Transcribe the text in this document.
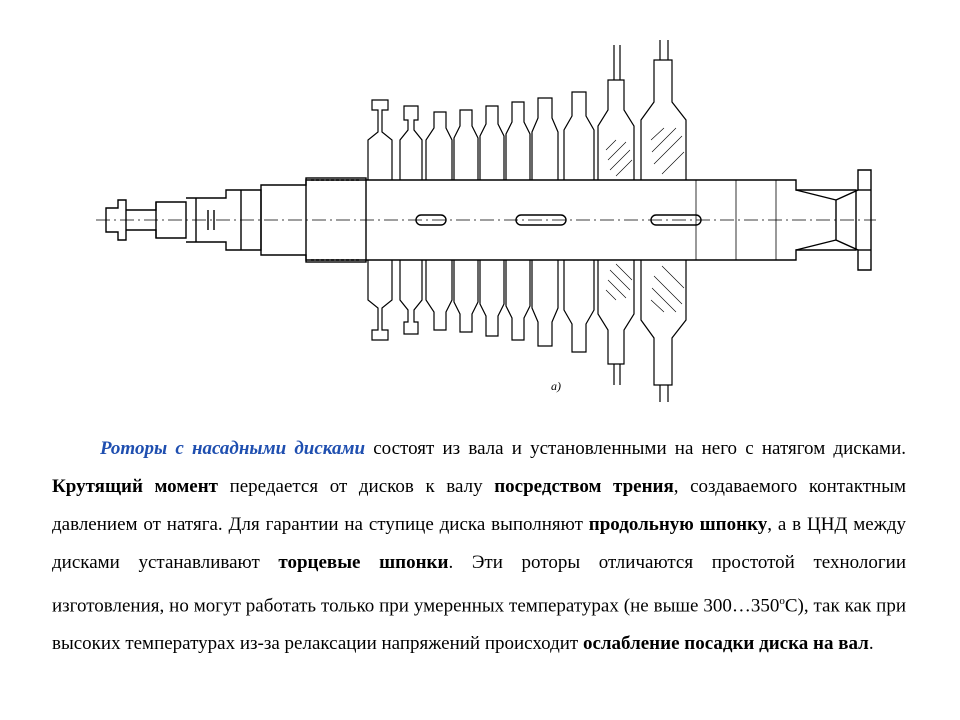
а)
Роторы с насадными дисками состоят из вала и установленными на него с натягом дисками. Крутящий момент передается от дисков к валу посредством трения, создаваемого контактным давлением от натяга. Для гарантии на ступице диска выполняют продольную шпонку, а в ЦНД между дисками устанавливают торцевые шпонки. Эти роторы отличаются простотой технологии изготовления, но могут работать только при умеренных температурах (не выше $300\dots 350^оС$), так как при высоких температурах из-за релаксации напряжений происходит ослабление посадки диска на вал.
